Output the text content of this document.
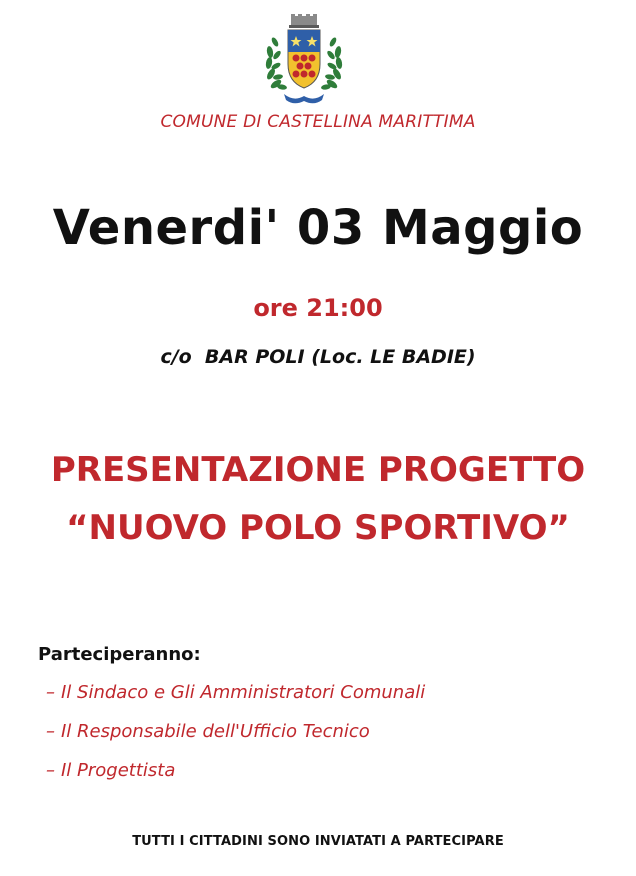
COMUNE DI CASTELLINA MARITTIMA
Venerdi' 03 Maggio
ore 21:00
c/o  BAR POLI (Loc. LE BADIE)
PRESENTAZIONE PROGETTO
“NUOVO POLO SPORTIVO”
Parteciperanno:
– Il Sindaco e Gli Amministratori Comunali
– Il Responsabile dell'Ufficio Tecnico
– Il Progettista
TUTTI I CITTADINI SONO INVIATATI A PARTECIPARE
